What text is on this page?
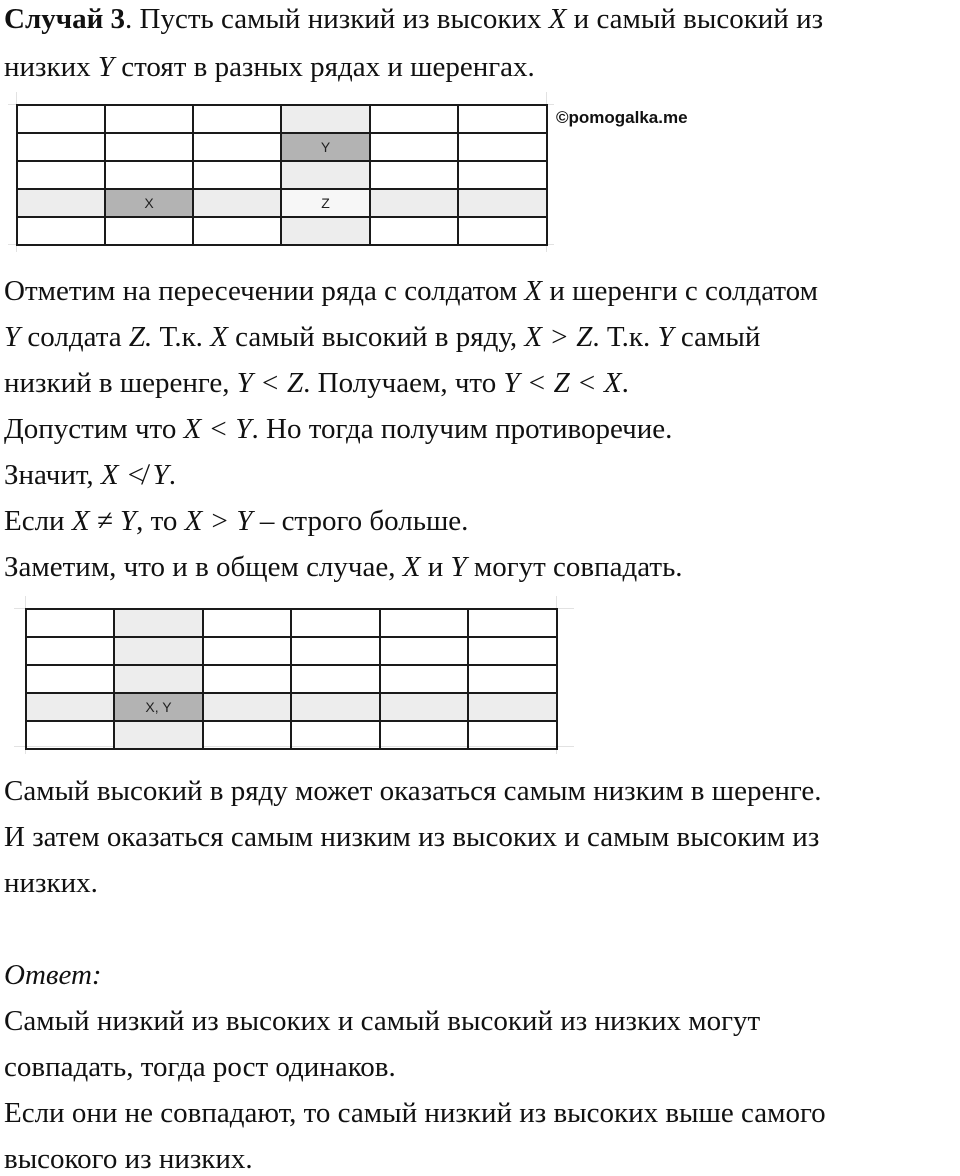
Случай 3. Пусть самый низкий из высоких X и самый высокий из
низких Y стоят в разных рядах и шеренгах.

			Y		

	X		Z		

©pomogalka.me
Отметим на пересечении ряда с солдатом X и шеренги с солдатом
Y солдата Z. Т.к. X самый высокий в ряду, X > Z. Т.к. Y самый
низкий в шеренге, Y < Z. Получаем, что Y < Z < X.
Допустим что X < Y. Но тогда получим противоречие.
Значит, X ≮ Y.
Если X ≠ Y, то X > Y – строго больше.
Заметим, что и в общем случае, X и Y могут совпадать.

	X, Y				

Самый высокий в ряду может оказаться самым низким в шеренге.
И затем оказаться самым низким из высоких и самым высоким из
низких.
Ответ:
Самый низкий из высоких и самый высокий из низких могут
совпадать, тогда рост одинаков.
Если они не совпадают, то самый низкий из высоких выше самого
высокого из низких.
